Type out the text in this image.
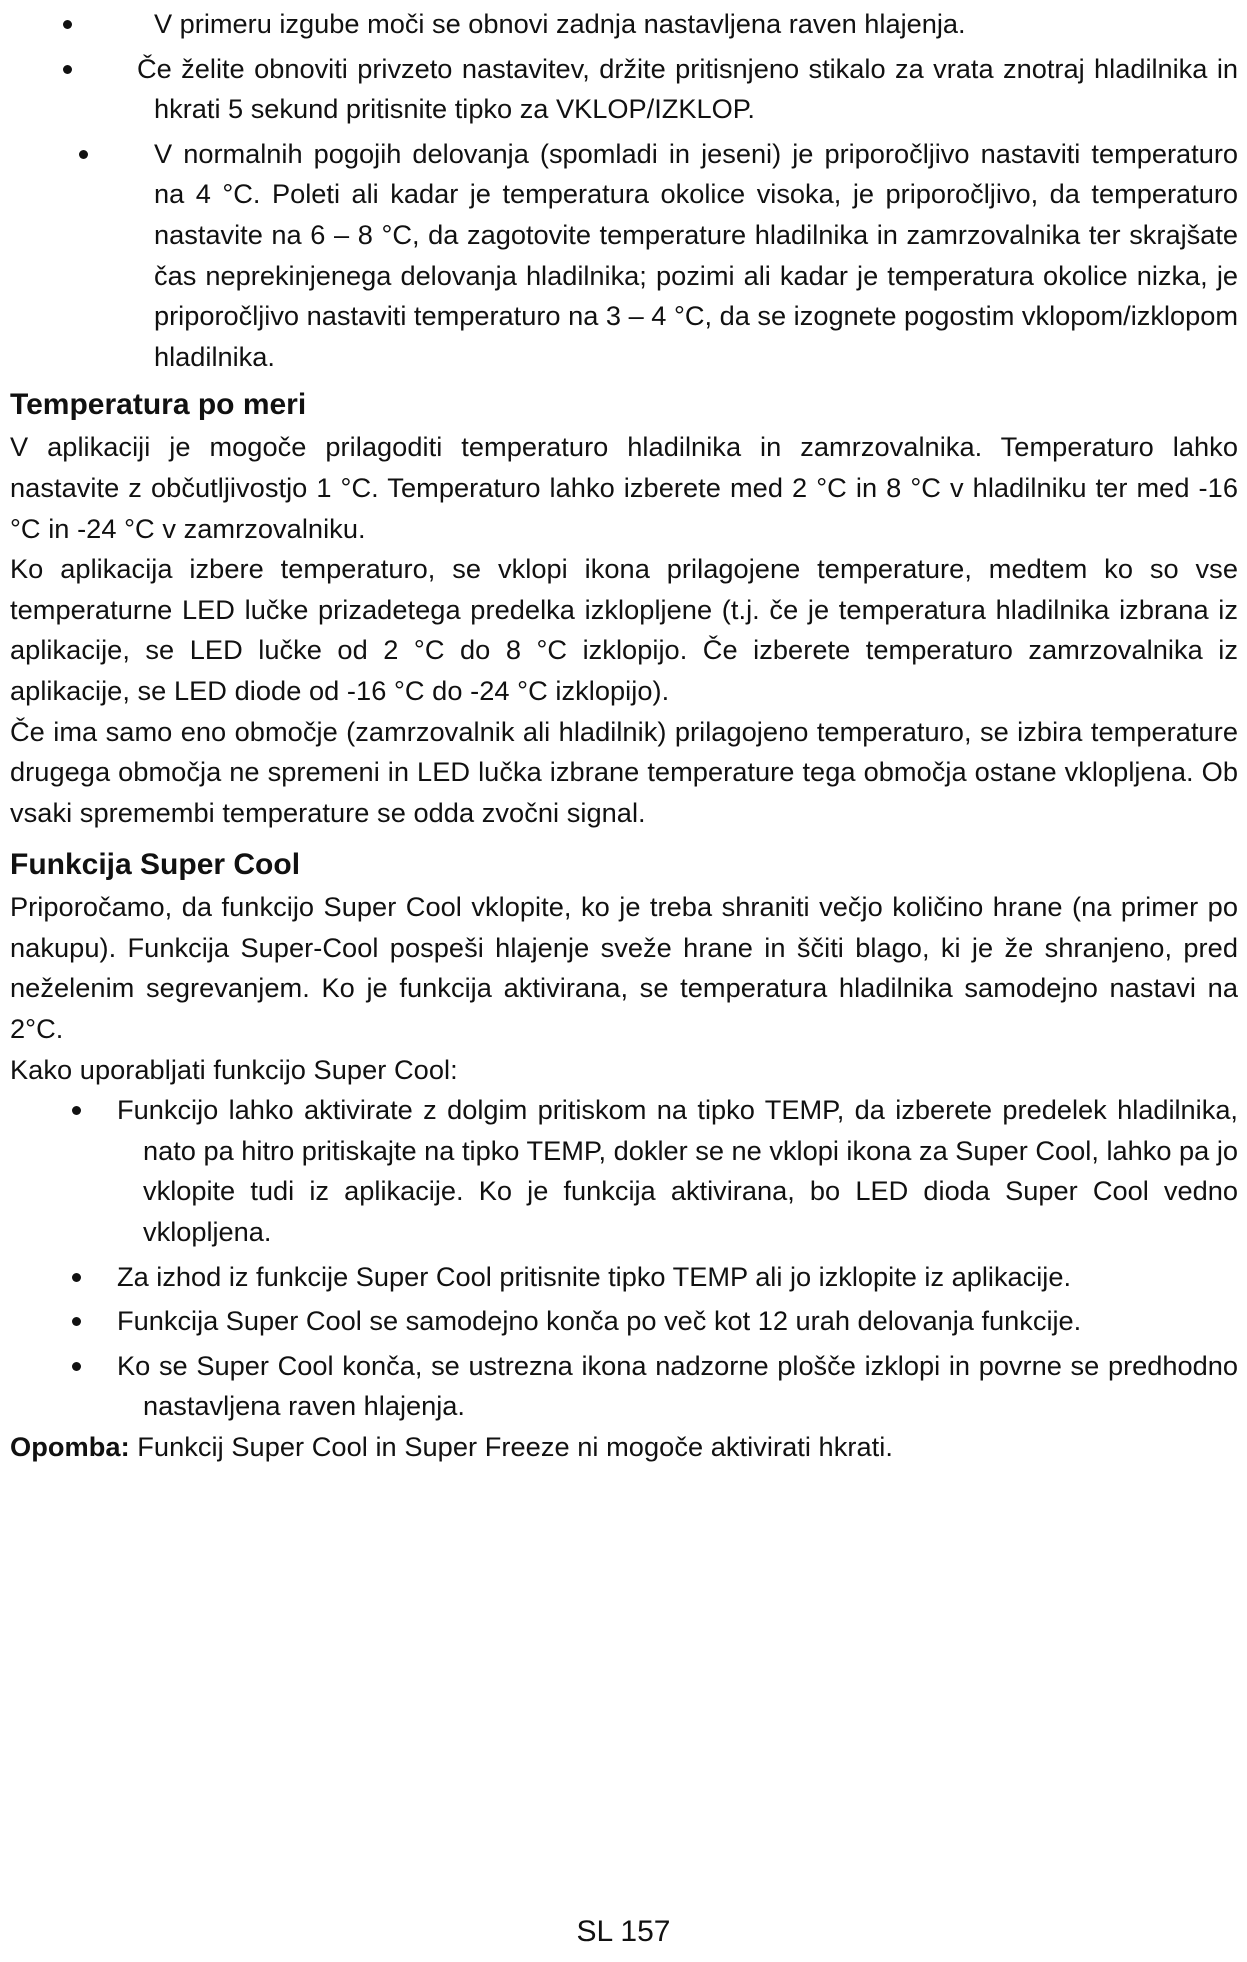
V primeru izgube moči se obnovi zadnja nastavljena raven hlajenja.
Če želite obnoviti privzeto nastavitev, držite pritisnjeno stikalo za vrata znotraj hladilnika in hkrati 5 sekund pritisnite tipko za VKLOP/IZKLOP.
V normalnih pogojih delovanja (spomladi in jeseni) je priporočljivo nastaviti temperaturo na 4 °C. Poleti ali kadar je temperatura okolice visoka, je priporočljivo, da temperaturo nastavite na 6 – 8 °C, da zagotovite temperature hladilnika in zamrzovalnika ter skrajšate čas neprekinjenega delovanja hladilnika; pozimi ali kadar je temperatura okolice nizka, je priporočljivo nastaviti temperaturo na 3 – 4 °C, da se izognete pogostim vklopom/izklopom hladilnika.
Temperatura po meri

V aplikaciji je mogoče prilagoditi temperaturo hladilnika in zamrzovalnika. Temperaturo lahko nastavite z občutljivostjo 1 °C. Temperaturo lahko izberete med 2 °C in 8 °C v hladilniku ter med -16 °C in -24 °C v zamrzovalniku.

Ko aplikacija izbere temperaturo, se vklopi ikona prilagojene temperature, medtem ko so vse temperaturne LED lučke prizadetega predelka izklopljene (t.j. če je temperatura hladilnika izbrana iz aplikacije, se LED lučke od 2 °C do 8 °C izklopijo. Če izberete temperaturo zamrzovalnika iz aplikacije, se LED diode od -16 °C do -24 °C izklopijo).

Če ima samo eno območje (zamrzovalnik ali hladilnik) prilagojeno temperaturo, se izbira temperature drugega območja ne spremeni in LED lučka izbrane temperature tega območja ostane vklopljena. Ob vsaki spremembi temperature se odda zvočni signal.

Funkcija Super Cool

Priporočamo, da funkcijo Super Cool vklopite, ko je treba shraniti večjo količino hrane (na primer po nakupu). Funkcija Super-Cool pospeši hlajenje sveže hrane in ščiti blago, ki je že shranjeno, pred neželenim segrevanjem. Ko je funkcija aktivirana, se temperatura hladilnika samodejno nastavi na 2°C.

Kako uporabljati funkcijo Super Cool:

Funkcijo lahko aktivirate z dolgim pritiskom na tipko TEMP, da izberete predelek hladilnika, nato pa hitro pritiskajte na tipko TEMP, dokler se ne vklopi ikona za Super Cool, lahko pa jo vklopite tudi iz aplikacije. Ko je funkcija aktivirana, bo LED dioda Super Cool vedno vklopljena.
Za izhod iz funkcije Super Cool pritisnite tipko TEMP ali jo izklopite iz aplikacije.
Funkcija Super Cool se samodejno konča po več kot 12 urah delovanja funkcije.
Ko se Super Cool konča, se ustrezna ikona nadzorne plošče izklopi in povrne se predhodno nastavljena raven hlajenja.

Opomba: Funkcij Super Cool in Super Freeze ni mogoče aktivirati hkrati.

SL 157
